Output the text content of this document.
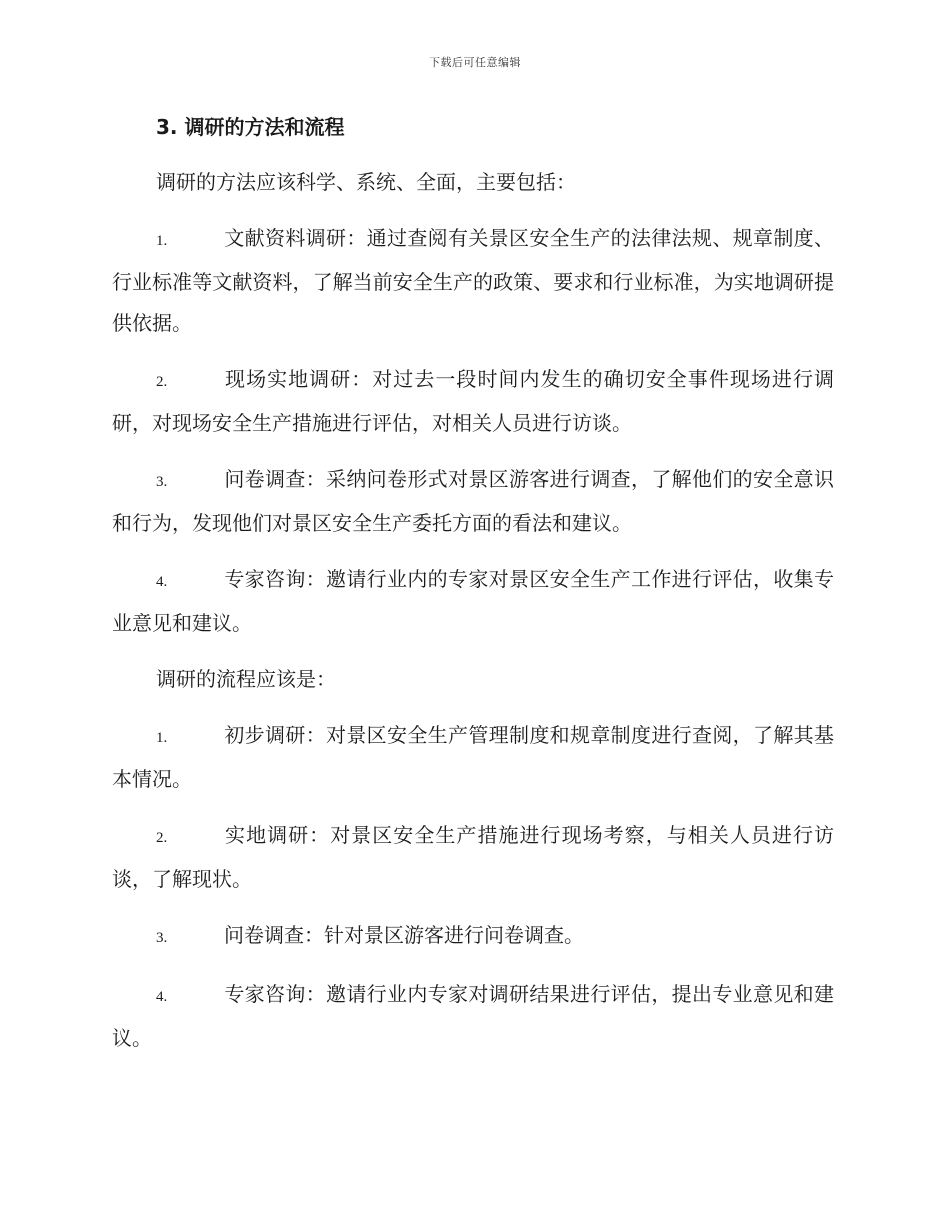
下载后可任意编辑
3. 调研的方法和流程

调研的方法应该科学、系统、全面，主要包括：

1.	文献资料调研：通过查阅有关景区安全生产的法律法规、规章制度、行业标准等文献资料，了解当前安全生产的政策、要求和行业标准，为实地调研提供依据。
2.	现场实地调研：对过去一段时间内发生的确切安全事件现场进行调研，对现场安全生产措施进行评估，对相关人员进行访谈。
3.	问卷调查：采纳问卷形式对景区游客进行调查，了解他们的安全意识和行为，发现他们对景区安全生产委托方面的看法和建议。
4.	专家咨询：邀请行业内的专家对景区安全生产工作进行评估，收集专业意见和建议。

调研的流程应该是：

1.	初步调研：对景区安全生产管理制度和规章制度进行查阅，了解其基本情况。
2.	实地调研：对景区安全生产措施进行现场考察，与相关人员进行访谈，了解现状。
3.	问卷调查：针对景区游客进行问卷调查。
4.	专家咨询：邀请行业内专家对调研结果进行评估，提出专业意见和建议。
